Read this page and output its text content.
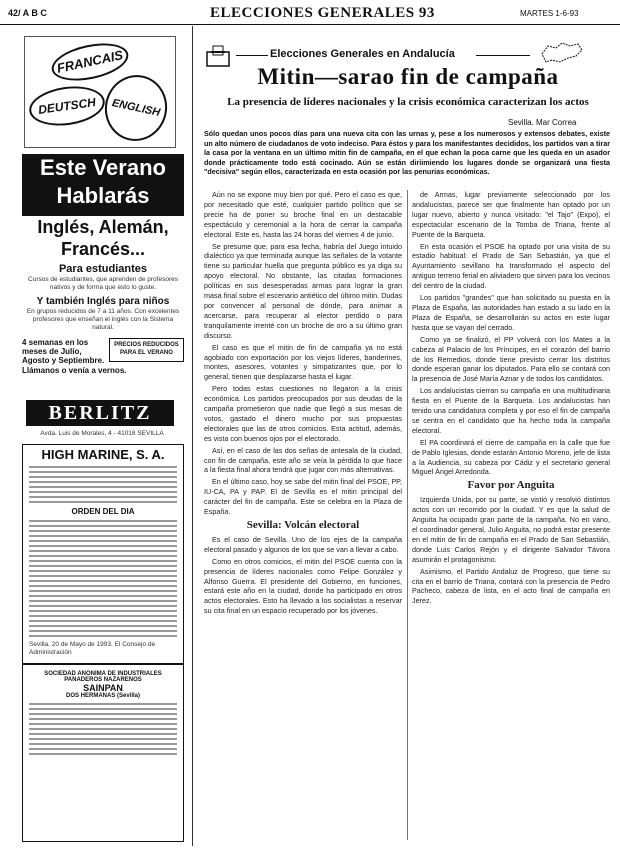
42/ A B C	ELECCIONES GENERALES 93	MARTES 1-6-93
FRANCAIS
DEUTSCH	ENGLISH
Este Verano
Hablarás
Inglés, Alemán,
Francés...
Para estudiantes
Cursos de estudiantes, que aprenden de profesores nativos y de forma que esto lo guste.
Y también Inglés para niños
En grupos reducidos de 7 a 11 años. Con excelentes profesores que enseñan el inglés con la Sistema natural.
4 semanas en los meses de Julio, Agosto y Septiembre.
PRECIOS REDUCIDOS PARA EL VERANO
Llámanos o venía a vernos.
BERLITZ
Avda. Luis de Morales, 4 - 41018 SEVILLA
HIGH MARINE, S. A.
ORDEN DEL DIA
Sevilla, 20 de Mayo de 1993. El Consejo de Administración
SOCIEDAD ANONIMA DE INDUSTRIALES PANADEROS NAZARENOS
SAINPAN
DOS HERMANAS (Sevilla)
Elecciones Generales en Andalucía
Mitin—sarao fin de campaña
La presencia de líderes nacionales y la crisis económica caracterizan los actos
Sevilla. Mar Correa
Sólo quedan unos pocos días para una nueva cita con las urnas y, pese a los numerosos y extensos debates, existe un alto número de ciudadanos de voto indeciso. Para éstos y para los manifestantes decididos, los partidos van a tirar la casa por la ventana en un último mitin fin de campaña, en el que echan la poca carne que les queda en un asador donde prácticamente todo está cocinado. Aún se están diriimiendo los lugares donde se organizará una fiesta "decisiva" según ellos, caracterizada en esta ocasión por las penurias económicas.

Aún no se expone muy bien por qué. Pero el caso es que, por necesitado que esté, cualquier partido político que se precie ha de poner su broche final en un destacable espectáculo y ceremonial a la hora de cerrar la campaña electoral. Este es, hasta las 24 horas del viernes 4 de junio.

Se presume que, para esa fecha, habría del Juego intuido dialéctico ya que terminada aunque las señales de la votante tiene su particular huella que pregunta público es ya diga su apoyo electoral. No obstante, las citadas formaciones políticas en sus desesperadas armas para lograr la gran masa final sobre el escenario antiético del último mitin. Dudas por convencer al personal de dónde, para animar a acercarse, para recuperar al elector perdido o para tranquilamente irrenté con un broche de oro a su último gran discurso.

El caso es que el mitin de fin de campaña ya no está agobiado con exportación por los viejos líderes, banderines, montes, asesores, votantes y simpatizantes que, por lo general, tienen que desplazarse hasta el lugar.

Pero todas estas cuestiones no llegaron a la crisis económica. Los partidos preocupados por sus deudas de la campaña prometieron que nadie que llegó a sus mesas de votos, gastado el dinero mucho por sus propuestas electorales que las de otros comicios. Esta actitud, además, es vista con buenos ojos por el electorado.

Así, en el caso de las dos señas de antesala de la ciudad, con fin de campaña, este año se veía la pérdida lo que hace a la fiesta final ahora tendrá que jugar con más alternativas.

En el último caso, hoy se sabe del mitin final del PSOE, PP, IU-CA, PA y PAP. El de Sevilla es el mitin principal del carácter del fin de campaña. Este se celebra en la Plaza de España.

Sevilla: Volcán electoral

Es el caso de Sevilla. Uno de los ejes de la campaña electoral pasado y algunos de los que se van a llevar a cabo.

Como en otros comicios, el mitin del PSOE cuenta con la presencia de líderes nacionales como Felipe González y Alfonso Guerra. El presidente del Gobierno, en funciones, estará este año en la ciudad, donde ha participado en otros actos electorales. Esto ha llevado a los socialistas a reservar su cita final en un espacio recuperado por los jóvenes.

de Armas, lugar previamente seleccionado por los andalucistas, parece ser que finalmente han optado por un lugar nuevo, abierto y nunca visitado: "el Tajo" (Expo), el espectacular escenario de la Tomba de Triana, frente al Puente de la Barqueta.

En esta ocasión el PSOE ha optado por una visita de su estadio habitual: el Prado de San Sebastián, ya que el Ayuntamiento sevillano ha transformado el aspecto del antiguo terreno ferial en aliviadero que sirven para los vecinos del centro de la ciudad.

Los partidos "grandes" que han solicitado su puesta en la Plaza de España, las autoridades han estado a su lado en la Plaza de España, se desarrollarán su actos en este lugar hasta que se vayan del cerrado.

Como ya se finalizó, el PP volverá con los Mates a la cabeza al Palacio de los Príncipes, en el corazón del barrio de los Remedios, donde tiene previsto cerrar los distritos donde esperan ganar los diputados. Para ello se contará con la presencia de José María Aznar y de todos los candidatos.

Los andalucistas cierran su campaña en una multitudinaria fiesta en el Puente de la Barqueta. Los andalucistas han tenido una candidatura completa y por eso el fin de campaña se centra en el candidato que ha hecho toda la campaña electoral.

El PA coordinará el cierre de campaña en la calle que fue de Pablo Iglesias, donde estarán Antonio Moreno, jefe de lista a la Audiencia, su cabeza por Cádiz y el secretario general Miguel Ángel Arredonda.

Favor por Anguita

Izquierda Unida, por su parte, se vistió y resolvió distintos actos con un recorrido por la ciudad. Y es que la salud de Anguita ha ocupado gran parte de la campaña. No en vano, el coordinador general, Julio Anguita, no podrá estar presente en el mitin de fin de campaña en el Prado de San Sebastián, donde Luis Carlos Rejón y el dirigente Salvador Távora asumirán el protagonismo.

Asimismo, el Partido Andaluz de Progreso, que tiene su cita en el barrio de Triana, contará con la presencia de Pedro Pacheco, cabeza de lista, en el acto final de campaña en Jerez.
